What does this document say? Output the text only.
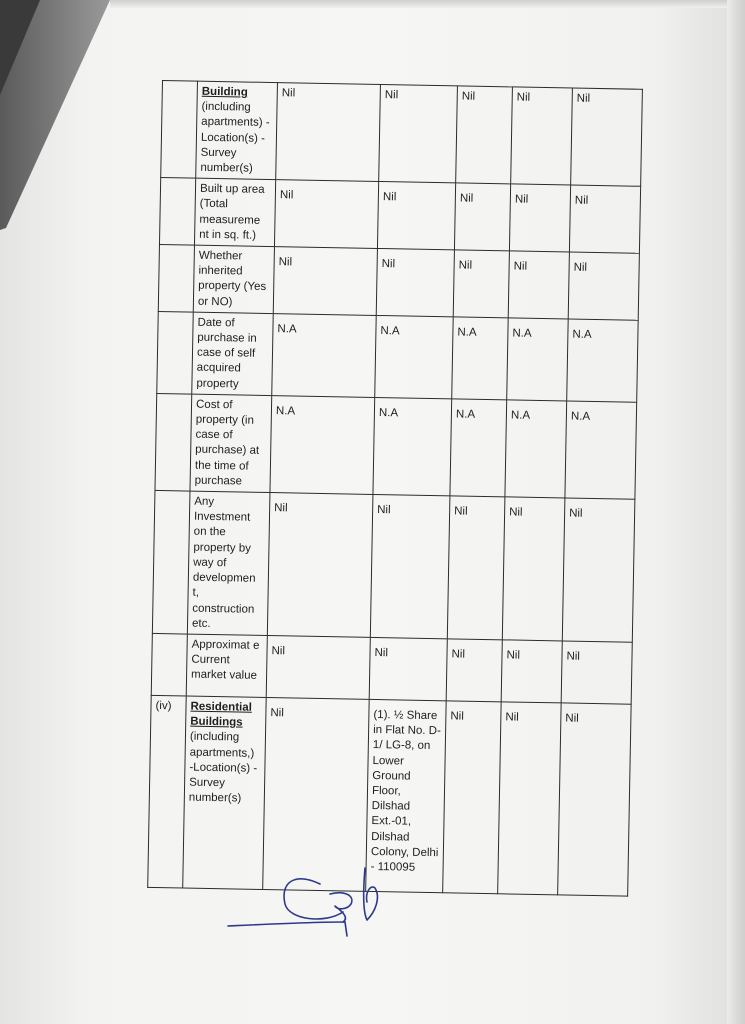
	Building (including apartments) -Location(s) -Survey number(s)	Nil	Nil	Nil	Nil	Nil
	Built up area (Total measureme nt in sq. ft.)	Nil	Nil	Nil	Nil	Nil
	Whether inherited property (Yes or NO)	Nil	Nil	Nil	Nil	Nil
	Date of purchase in case of self acquired property	N.A	N.A	N.A	N.A	N.A
	Cost of property (in case of purchase) at the time of purchase	N.A	N.A	N.A	N.A	N.A
	Any Investment on the property by way of developmen t, construction etc.	Nil	Nil	Nil	Nil	Nil
	Approximat e Current market value	Nil	Nil	Nil	Nil	Nil
(iv)	Residential Buildings (including apartments,) -Location(s) -Survey number(s)	Nil	(1). ½ Share in Flat No. D-1/ LG-8, on Lower Ground Floor, Dilshad Ext.-01, Dilshad Colony, Delhi - 110095	Nil	Nil	Nil
